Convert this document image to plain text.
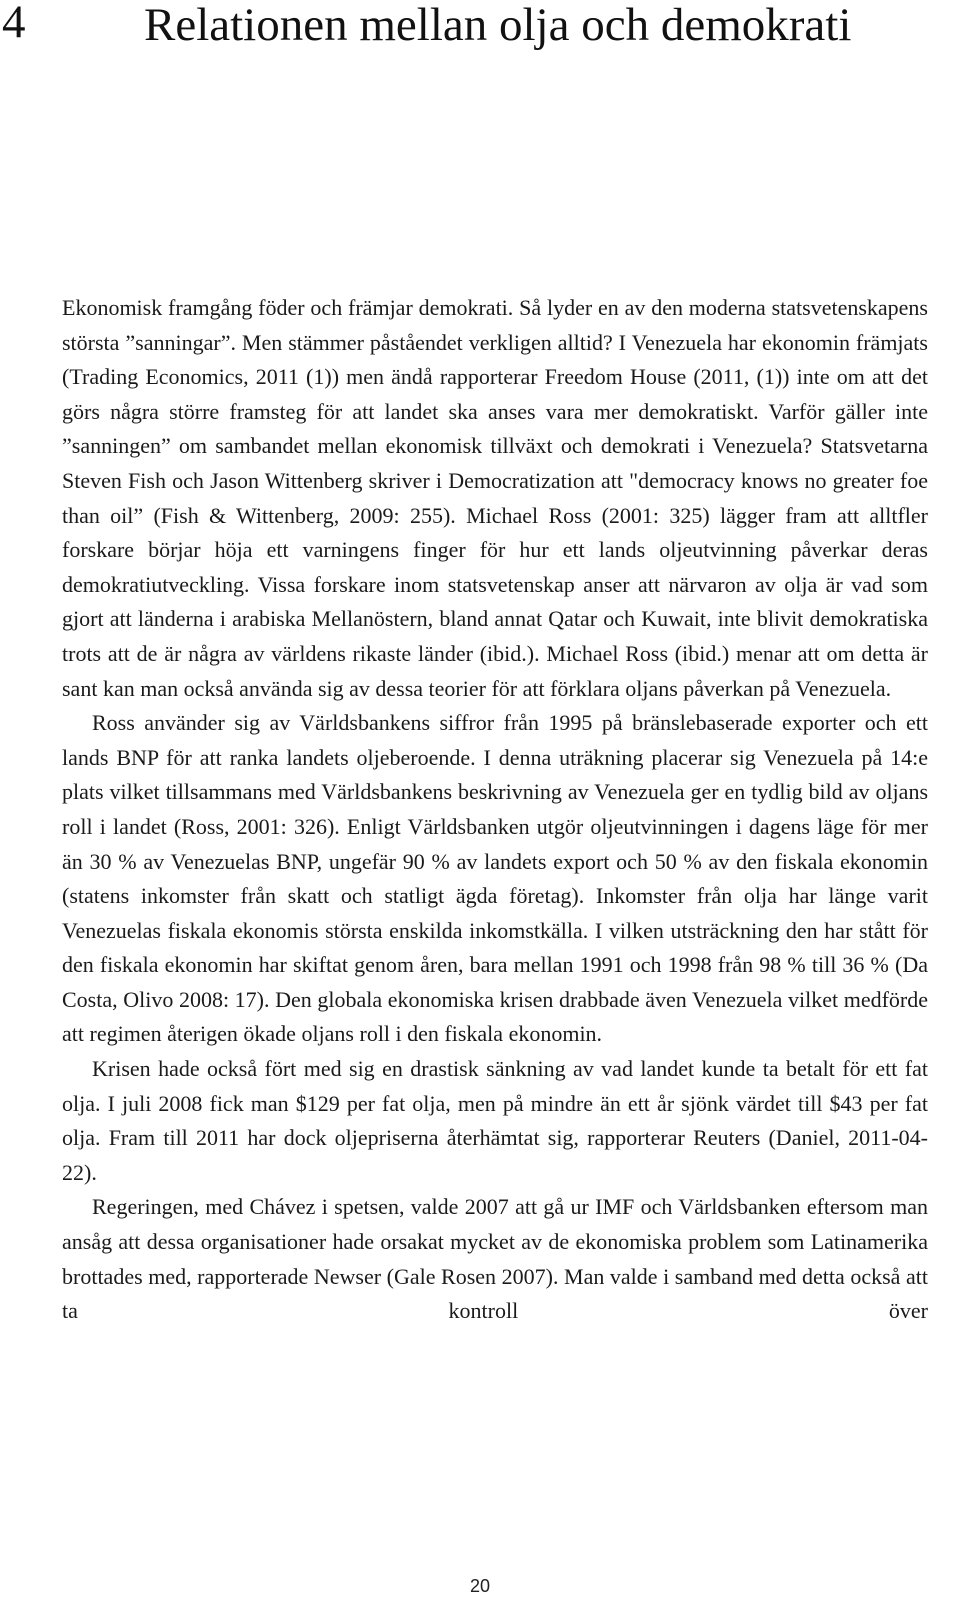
4	Relationen mellan olja och demokrati

Ekonomisk framgång föder och främjar demokrati. Så lyder en av den moderna statsvetenskapens största ”sanningar”. Men stämmer påståendet verkligen alltid? I Venezuela har ekonomin främjats (Trading Economics, 2011 (1)) men ändå rapporterar Freedom House (2011, (1)) inte om att det görs några större framsteg för att landet ska anses vara mer demokratiskt. Varför gäller inte ”sanningen” om sambandet mellan ekonomisk tillväxt och demokrati i Venezuela? Statsvetarna Steven Fish och Jason Wittenberg skriver i Democratization att "democracy knows no greater foe than oil” (Fish & Wittenberg, 2009: 255). Michael Ross (2001: 325) lägger fram att alltfler forskare börjar höja ett varningens finger för hur ett lands oljeutvinning påverkar deras demokratiutveckling. Vissa forskare inom statsvetenskap anser att närvaron av olja är vad som gjort att länderna i arabiska Mellanöstern, bland annat Qatar och Kuwait, inte blivit demokratiska trots att de är några av världens rikaste länder (ibid.). Michael Ross (ibid.) menar att om detta är sant kan man också använda sig av dessa teorier för att förklara oljans påverkan på Venezuela.

Ross använder sig av Världsbankens siffror från 1995 på bränslebaserade exporter och ett lands BNP för att ranka landets oljeberoende. I denna uträkning placerar sig Venezuela på 14:e plats vilket tillsammans med Världsbankens beskrivning av Venezuela ger en tydlig bild av oljans roll i landet (Ross, 2001: 326). Enligt Världsbanken utgör oljeutvinningen i dagens läge för mer än 30 % av Venezuelas BNP, ungefär 90 % av landets export och 50 % av den fiskala ekonomin (statens inkomster från skatt och statligt ägda företag). Inkomster från olja har länge varit Venezuelas fiskala ekonomis största enskilda inkomstkälla. I vilken utsträckning den har stått för den fiskala ekonomin har skiftat genom åren, bara mellan 1991 och 1998 från 98 % till 36 % (Da Costa, Olivo 2008: 17). Den globala ekonomiska krisen drabbade även Venezuela vilket medförde att regimen återigen ökade oljans roll i den fiskala ekonomin.

Krisen hade också fört med sig en drastisk sänkning av vad landet kunde ta betalt för ett fat olja. I juli 2008 fick man $129 per fat olja, men på mindre än ett år sjönk värdet till $43 per fat olja. Fram till 2011 har dock oljepriserna återhämtat sig, rapporterar Reuters (Daniel, 2011-04-22).

Regeringen, med Chávez i spetsen, valde 2007 att gå ur IMF och Världsbanken eftersom man ansåg att dessa organisationer hade orsakat mycket av de ekonomiska problem som Latinamerika brottades med, rapporterade Newser (Gale Rosen 2007). Man valde i samband med detta också att ta kontroll över

20
